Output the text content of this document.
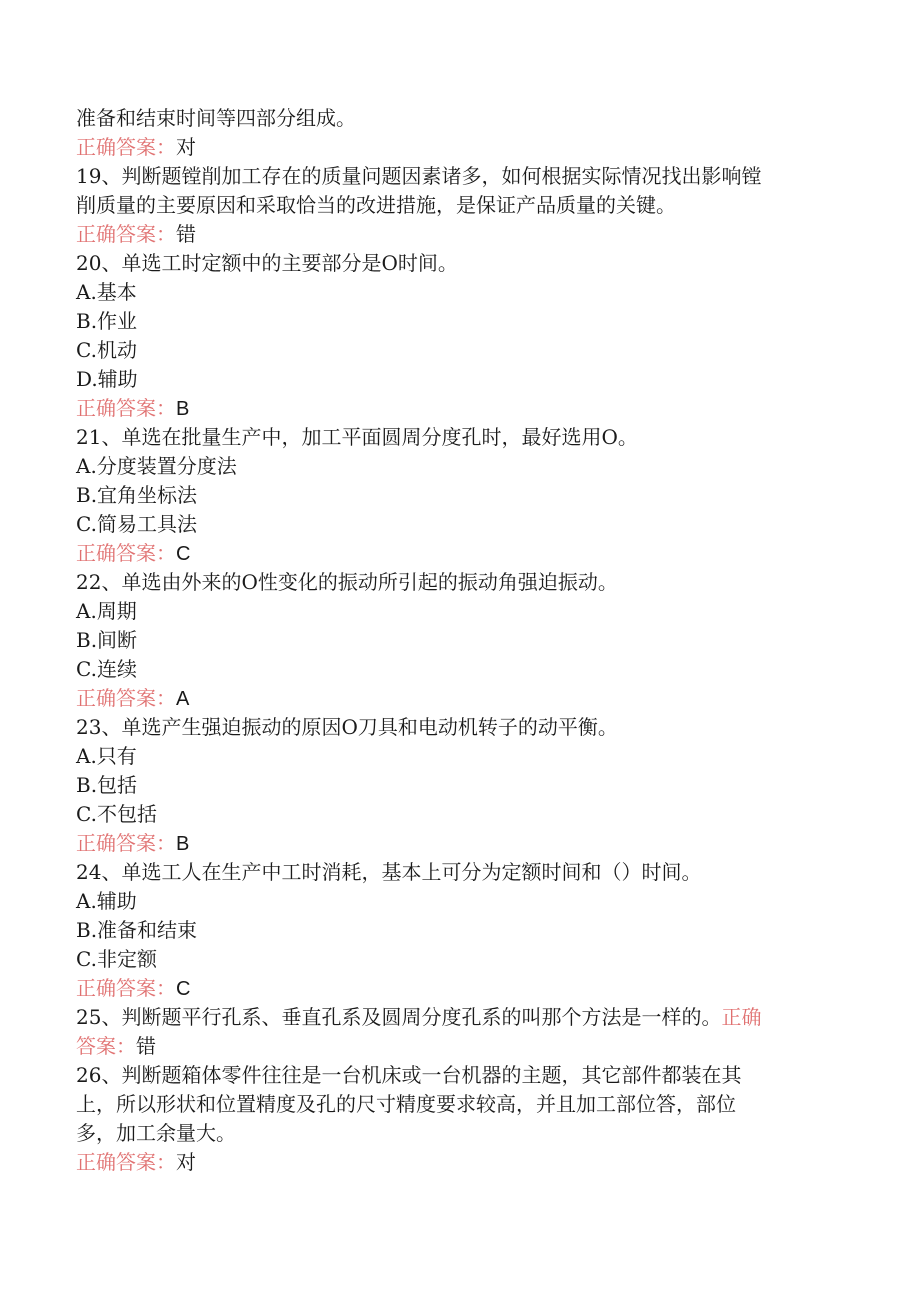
准备和结束时间等四部分组成。
正确答案：对
19、判断题镗削加工存在的质量问题因素诸多，如何根据实际情况找出影响镗
削质量的主要原因和采取恰当的改进措施，是保证产品质量的关键。
正确答案：错
20、单选工时定额中的主要部分是O时间。
A.基本
B.作业
C.机动
D.辅助
正确答案：B
21、单选在批量生产中，加工平面圆周分度孔时，最好选用O。
A.分度装置分度法
B.宜角坐标法
C.简易工具法
正确答案：C
22、单选由外来的O性变化的振动所引起的振动角强迫振动。
A.周期
B.间断
C.连续
正确答案：A
23、单选产生强迫振动的原因O刀具和电动机转子的动平衡。
A.只有
B.包括
C.不包括
正确答案：B
24、单选工人在生产中工时消耗，基本上可分为定额时间和（）时间。
A.辅助
B.准备和结束
C.非定额
正确答案：C
25、判断题平行孔系、垂直孔系及圆周分度孔系的叫那个方法是一样的。正确
答案：错
26、判断题箱体零件往往是一台机床或一台机器的主题，其它部件都装在其
上，所以形状和位置精度及孔的尺寸精度要求较高，并且加工部位答，部位
多，加工余量大。
正确答案：对
